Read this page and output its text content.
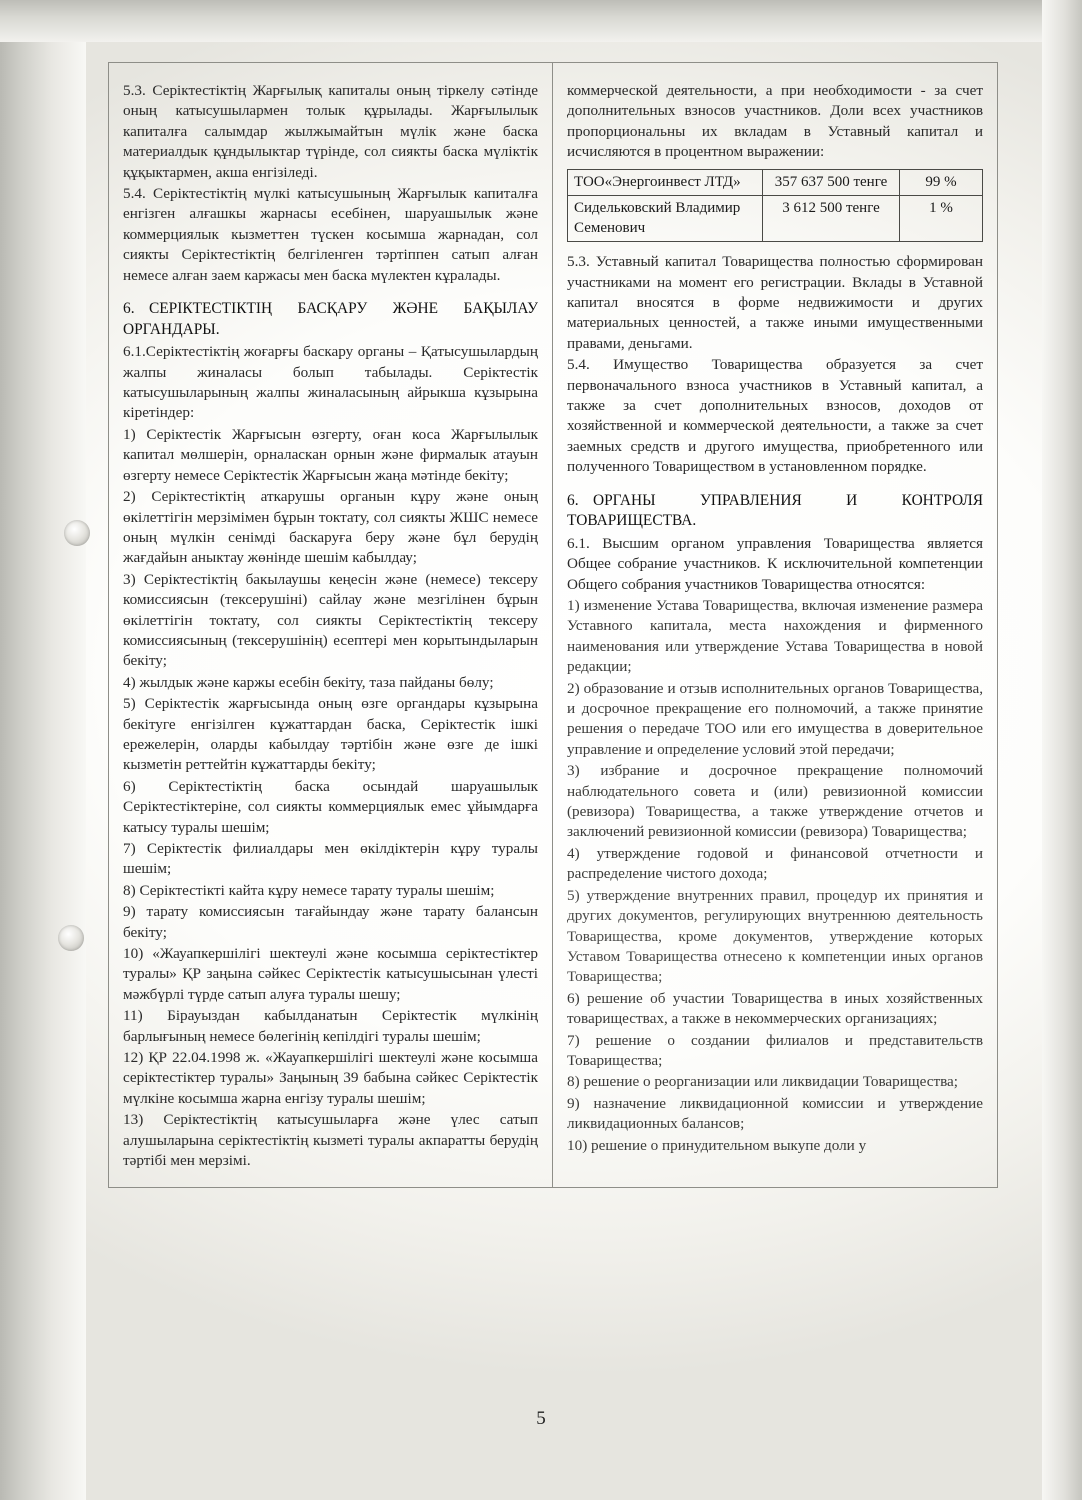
5.3. Серіктестіктің Жарғылық капиталы оның тіркелу сәтінде оның катысушылармен толык құрылады. Жарғылылык капиталға салымдар жылжымайтын мүлік және баска материалдык құндылыктар түрінде, сол сиякты баска мүліктік құқыктармен, акша енгізіледі.

5.4. Серіктестіктің мүлкі катысушының Жарғылык капиталға енгізген алғашкы жарнасы есебінен, шаруашылык және коммерциялык кызметтен түскен косымша жарнадан, сол сиякты Серіктестіктің белгіленген тәртіппен сатып алған немесе алған заем каржасы мен баска мүлектен кұралады.

6. СЕРІКТЕСТІКТІҢ БАСҚАРУ ЖӘНЕ БАҚЫЛАУ ОРГАНДАРЫ.

6.1.Серіктестіктің жоғарғы баскару органы – Қатысушылардың жалпы жиналасы болып табылады. Серіктестік катысушыларының жалпы жиналасының айрыкша кұзырына кіретіндер:

1) Серіктестік Жарғысын өзгерту, оған коса Жарғылылык капитал мөлшерін, орналаскан орнын және фирмалык атауын өзгерту немесе Серіктестік Жарғысын жаңа мәтінде бекіту;

2) Серіктестіктің аткарушы органын кұру және оның өкілеттігін мерзімімен бұрын токтату, сол сиякты ЖШС немесе оның мүлкін сенімді баскаруға беру және бұл берудің жағдайын аныктау жөнінде шешім кабылдау;

3) Серіктестіктің бакылаушы кеңесін және (немесе) тексеру комиссиясын (тексерушіні) сайлау және мезгілінен бұрын өкілеттігін токтату, сол сиякты Серіктестіктің тексеру комиссиясының (тексерушінің) есептері мен корытындыларын бекіту;

4) жылдык және каржы есебін бекіту, таза пайданы бөлу;

5) Серіктестік жарғысында оның өзге органдары кұзырына бекітуге енгізілген кұжаттардан баска, Серіктестік ішкі ережелерін, оларды кабылдау тәртібін және өзге де ішкі кызметін реттейтін кұжаттарды бекіту;

6) Серіктестіктің баска осындай шаруашылык Серіктестіктеріне, сол сиякты коммерциялык емес ұйымдарға катысу туралы шешім;

7) Серіктестік филиалдары мен өкілдіктерін кұру туралы шешім;

8) Серіктестікті кайта кұру немесе тарату туралы шешім;

9) тарату комиссиясын тағайындау және тарату балансын бекіту;

10) «Жауапкершілігі шектеулі және косымша серіктестіктер туралы» ҚР заңына сәйкес Серіктестік катысушысынан үлесті мәжбүрлі түрде сатып алуға туралы шешу;

11) Бірауыздан кабылданатын Серіктестік мүлкінің барлығының немесе бөлегінің кепілдігі туралы шешім;

12) ҚР 22.04.1998 ж. «Жауапкершілігі шектеулі және косымша серіктестіктер туралы» Заңының 39 бабына сәйкес Серіктестік мүлкіне косымша жарна енгізу туралы шешім;

13) Серіктестіктің катысушыларға және үлес сатып алушыларына серіктестіктің кызметі туралы акпаратты берудің тәртібі мен мерзімі.

коммерческой деятельности, а при необходимости - за счет дополнительных взносов участников. Доли всех участников пропорциональны их вкладам в Уставный капитал и исчисляются в процентном выражении:

ТОО«Энергоинвест ЛТД»	357 637 500 тенге	99 %
Сидельковский Владимир Семенович	3 612 500 тенге	1 %

5.3. Уставный капитал Товарищества полностью сформирован участниками на момент его регистрации. Вклады в Уставной капитал вносятся в форме недвижимости и других материальных ценностей, а также иными имущественными правами, деньгами.

5.4. Имущество Товарищества образуется за счет первоначального взноса участников в Уставный капитал, а также за счет дополнительных взносов, доходов от хозяйственной и коммерческой деятельности, а также за счет заемных средств и другого имущества, приобретенного или полученного Товариществом в установленном порядке.

6. ОРГАНЫ УПРАВЛЕНИЯ И КОНТРОЛЯ ТОВАРИЩЕСТВА.

6.1. Высшим органом управления Товарищества является Общее собрание участников. К исключительной компетенции Общего собрания участников Товарищества относятся:

1) изменение Устава Товарищества, включая изменение размера Уставного капитала, места нахождения и фирменного наименования или утверждение Устава Товарищества в новой редакции;

2) образование и отзыв исполнительных органов Товарищества, и досрочное прекращение его полномочий, а также принятие решения о передаче ТОО или его имущества в доверительное управление и определение условий этой передачи;

3) избрание и досрочное прекращение полномочий наблюдательного совета и (или) ревизионной комиссии (ревизора) Товарищества, а также утверждение отчетов и заключений ревизионной комиссии (ревизора) Товарищества;

4) утверждение годовой и финансовой отчетности и распределение чистого дохода;

5) утверждение внутренних правил, процедур их принятия и других документов, регулирующих внутреннюю деятельность Товарищества, кроме документов, утверждение которых Уставом Товарищества отнесено к компетенции иных органов Товарищества;

6) решение об участии Товарищества в иных хозяйственных товариществах, а также в некоммерческих организациях;

7) решение о создании филиалов и представительств Товарищества;

8) решение о реорганизации или ликвидации Товарищества;

9) назначение ликвидационной комиссии и утверждение ликвидационных балансов;

10) решение о принудительном выкупе доли у

5
